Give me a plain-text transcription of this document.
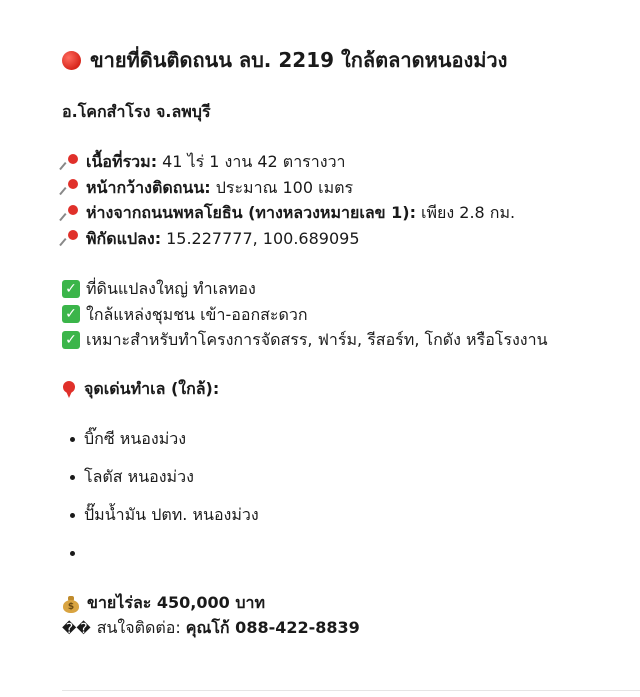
ขายที่ดินติดถนน ลบ. 2219 ใกล้ตลาดหนองม่วง
อ.โคกสำโรง จ.ลพบุรี
เนื้อที่รวม: 41 ไร่ 1 งาน 42 ตารางวา
หน้ากว้างติดถนน: ประมาณ 100 เมตร
ห่างจากถนนพหลโยธิน (ทางหลวงหมายเลข 1): เพียง 2.8 กม.
พิกัดแปลง: 15.227777, 100.689095
✓ ที่ดินแปลงใหญ่ ทำเลทอง
✓ ใกล้แหล่งชุมชน เข้า-ออกสะดวก
✓ เหมาะสำหรับทำโครงการจัดสรร, ฟาร์ม, รีสอร์ท, โกดัง หรือโรงงาน
จุดเด่นทำเล (ใกล้):
บิ๊กซี หนองม่วง
โลตัส หนองม่วง
ปั๊มน้ำมัน ปตท. หนองม่วง
$ ขายไร่ละ 450,000 บาท
�� สนใจติดต่อ: คุณโก้ 088-422-8839
